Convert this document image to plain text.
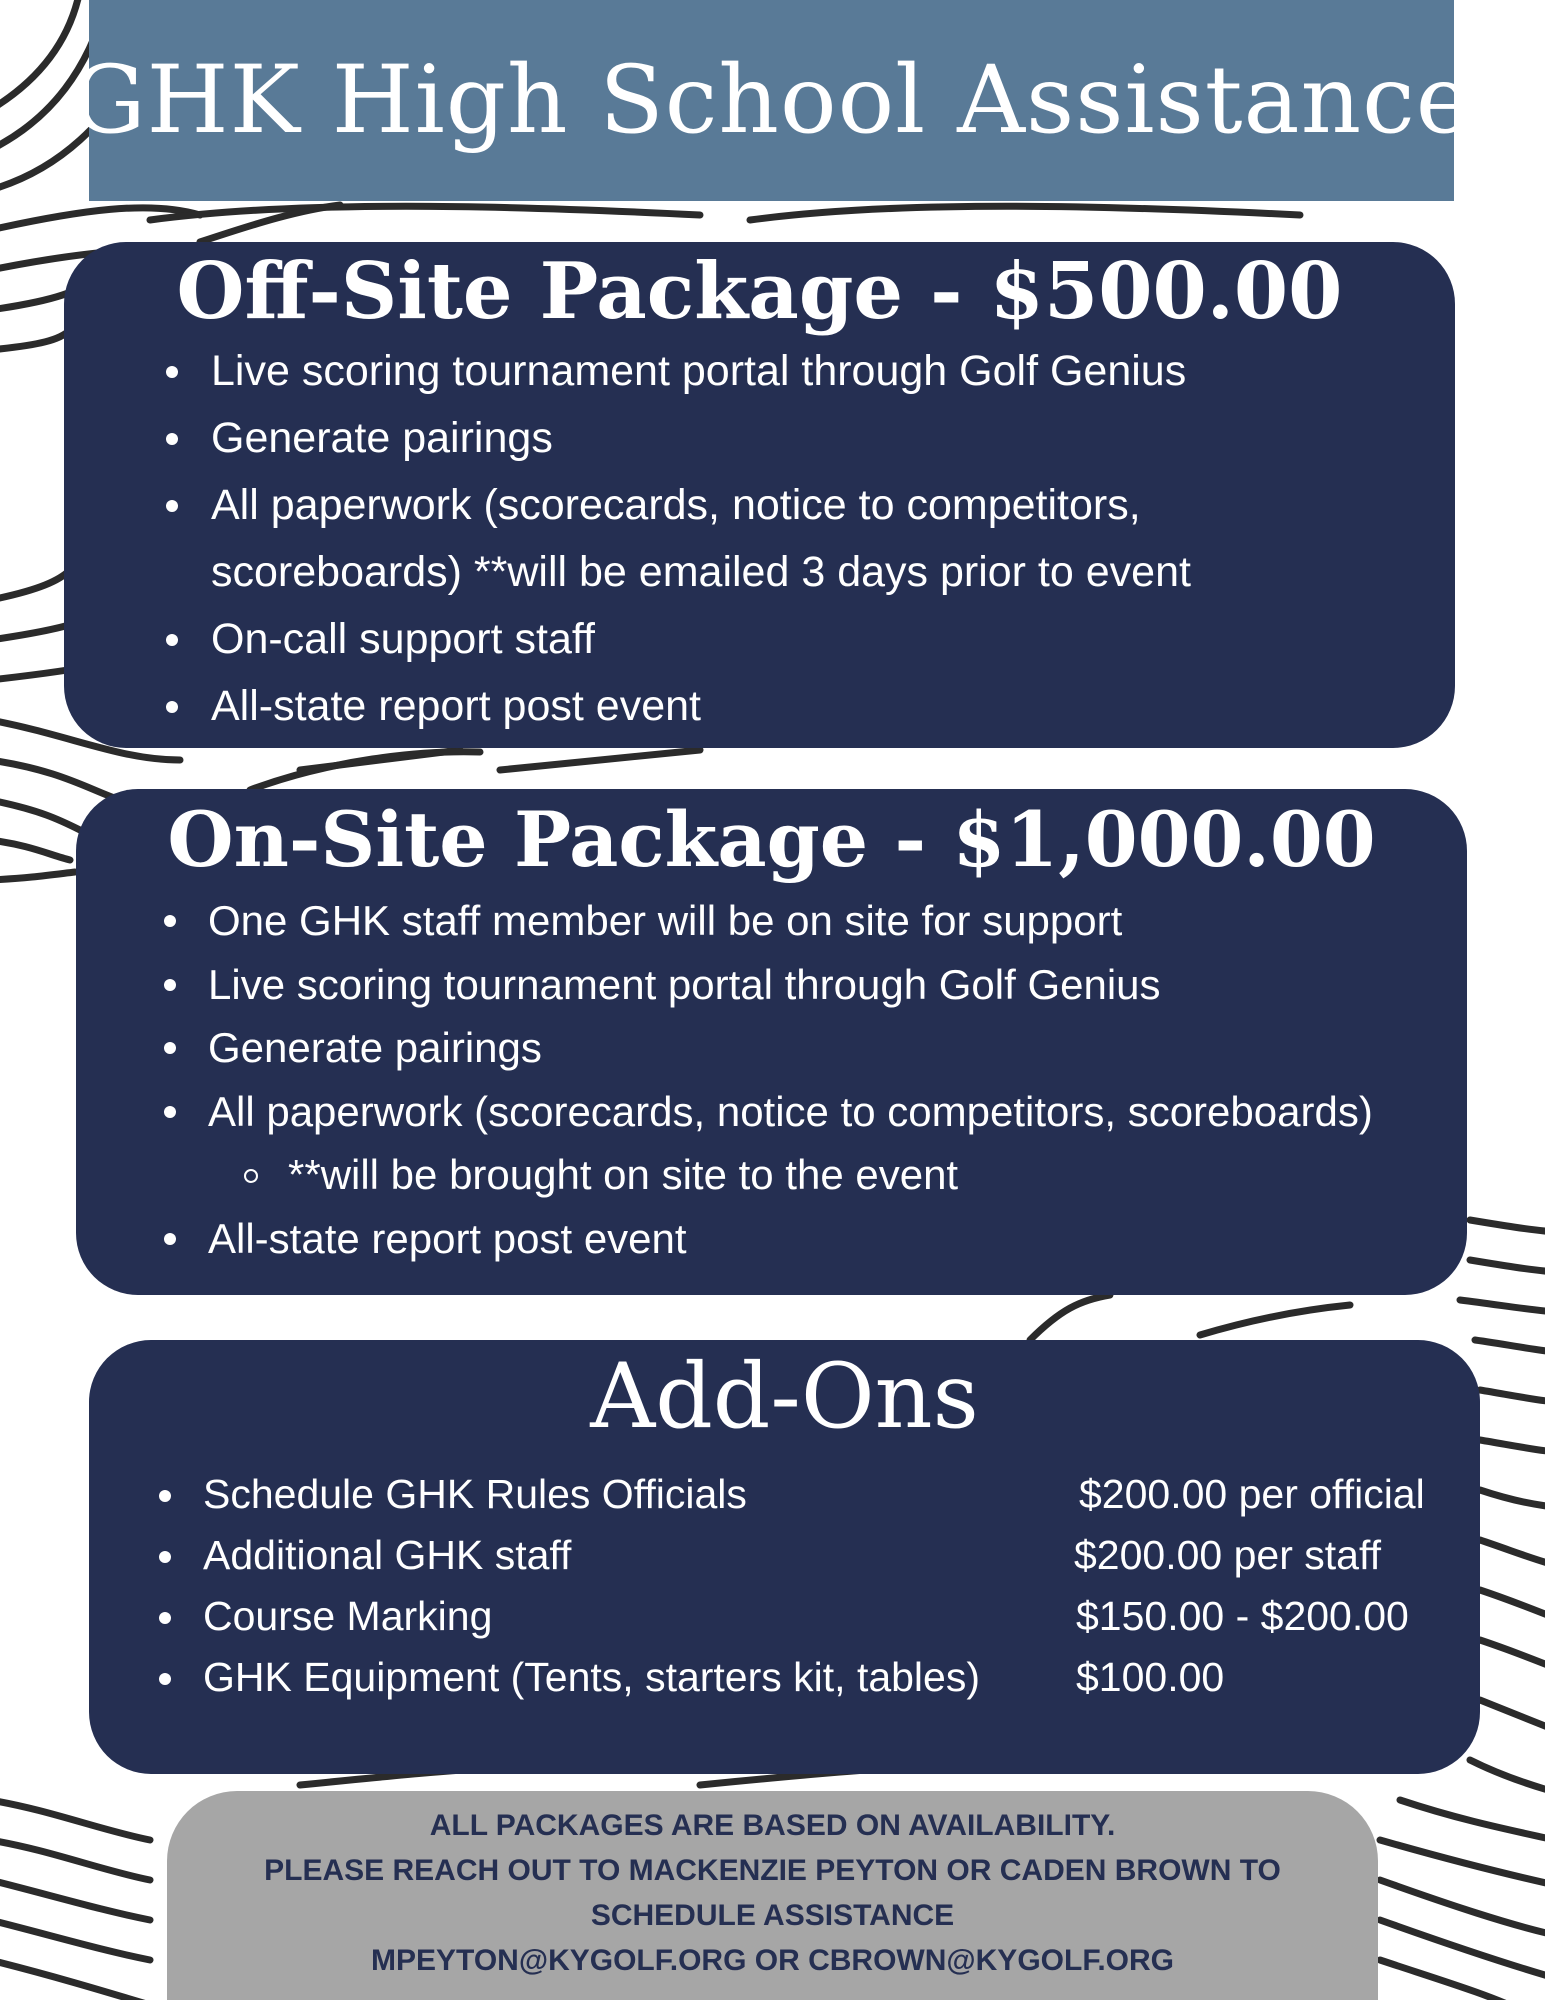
GHK High School Assistance
Off-Site Package - $500.00
Live scoring tournament portal through Golf Genius
Generate pairings
All paperwork (scorecards, notice to competitors, scoreboards) **will be emailed 3 days prior to event
On-call support staff
All-state report post event
On-Site Package - $1,000.00
One GHK staff member will be on site for support
Live scoring tournament portal through Golf Genius
Generate pairings
All paperwork (scorecards, notice to competitors, scoreboards)
**will be brought on site to the event
All-state report post event
Add-Ons
Schedule GHK Rules Officials	$200.00 per official
Additional GHK staff	$200.00 per staff
Course Marking	$150.00 - $200.00
GHK Equipment (Tents, starters kit, tables) $100.00
ALL PACKAGES ARE BASED ON AVAILABILITY.
PLEASE REACH OUT TO MACKENZIE PEYTON OR CADEN BROWN TO
SCHEDULE ASSISTANCE
MPEYTON@KYGOLF.ORG OR CBROWN@KYGOLF.ORG
